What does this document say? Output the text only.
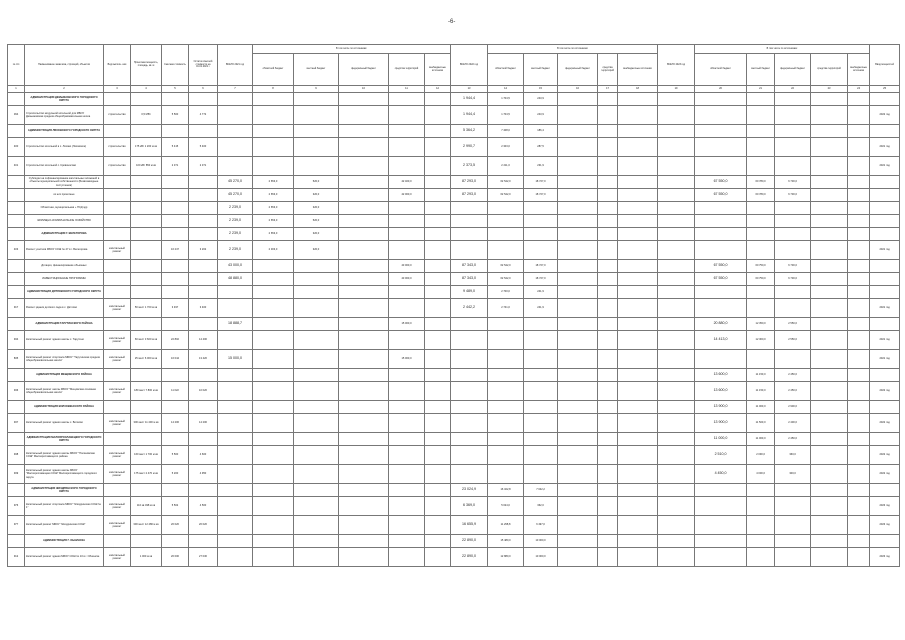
-6-
№ п/п	Наименование заказчика, строящий, объектов	Вид выполн- ния	Проектная мощность, площадь, кв. м	Сметная стоимость	Остаток сметной стоимости на 01.01.2021 г.	ВСЕГО 2021 год	В том числе по источникам:					ВСЕГО 2022 год	В том числе по источникам:					ВСЕГО 2023 год	В том числе по источникам:					Ввод мощностей
							областной бюджет	местный бюджет	федеральный бюджет	средства территорий	внебюджетные источники		областной бюджет	местный бюджет	федеральный бюджет	средства территорий	внебюджетные источники		областной бюджет	местный бюджет	федеральный бюджет	средства территорий	внебюджетные источники	
1	2	3	4	5	6	7	8	9	10	11	12	13	14	15	16	17	18	19	20	21	22	23	24	25
	АДМИНИСТРАЦИЯ ДЕМЬЯНОВСКОГО ГОРОДСКОГО ОКРУГА											1 944,4	1 704,5	243,9										
394	Строительство модульной котельной для МБОУ Демьяновская средняя общеобразовательная школа	строительство	0,5 МВт	5 500	4 772							1 944,4	1 704,5	243,9										2022 год
	АДМИНИСТРАЦИЯ ЛЯХОВСКОГО ГОРОДСКОГО ОКРУГА											5 364,2	7 408,0	186,4										
400	Строительство котельной в с. Ляхово (Ляховское)	строительство	175 кВт 1 200 м кв	5 415	5 400							2 990,7	2 303,0	287,5										2021 год
401	Строительство котельной с. Кривоносово	строительство	100 кВт 850 м кв	2 371	2 371							2 373,5	2 211,0	231,9										2021 год
	Субсидии на софинансирование капитальных вложений в объекты муниципальной собственности (Безвозмездные поступления)					45 270,0	2 653,0	520,0		42 400,0		87 293,0	62 542,0	18 727,0					67 550,0	60 780,0	6 730,0			
	из них проектные					45 270,0	2 653,0	320,0		42 000,0		87 293,0	62 542,0	18 727,0					67 550,0	60 780,0	6 730,0			
	Областная, муниципальная + ПСД здр					2 239,0	2 653,0	320,0																
	ЖИЛИЩНО-КОММУНАЛЬНОЕ ХОЗЯЙСТВО					2 239,0	2 653,0	520,0																
	АДМИНИСТРАЦИЯ Г. ВЕЛЕГОРОВА					2 239,0	2 653,0	320,0																
403	Ремонт участков МБОУ СОШ № 47 в г. Велегорова	капитальный ремонт		16 247	3 202	2 239,0	2 303,0	320,0																2021 год
	Дотация, финансирование объемных					43 000,0				43 000,0		87 343,0	62 542,0	18 727,0					67 550,0	60 750,0	6 730,0			
	ИНВЕСТИЦИОННЫЕ ПРОГРАММЫ					48 880,0				43 000,0		87 343,0	62 542,0	18 727,0					67 550,0	60 750,0	6 730,0			
	АДМИНИСТРАЦИЯ ДЯТЛОВСКОГО ГОРОДСКОГО ОКРУГА											9 489,0	2 700,0	241,9										
917	Ремонт здания детского сада в с. Дятлово	капитальный ремонт	50 мест 1 700 м кв	3 497	3 400							2 442,2	2 741,0	241,9										2021 год
	АДМИНИСТРАЦИЯ ТАРУТИНСКОГО РАЙОНА					18 888,7				15 000,0									20 880,0	12 350,0	2 550,0			
934	Капитальный ремонт здания школы с. Тарутино	капитальный ремонт	60 мест 3 600 м кв	22 802	14 400														14 413,0	12 300,0	2 550,0			2021 год
835	Капитальный ремонт спортзала МБОУ "Тарутинская средняя общеобразовательная школа"	капитальный ремонт	25 мест 6 000 м кв	16 044	13 420	15 000,0				15 000,0														2021 год
	АДМИНИСТРАЦИЯ МЕЩОВСКОГО РАЙОНА																		13 600,0	11 150,0	2 450,0			
936	Капитальный ремонт школы МБОУ "Мещовская основная общеобразовательная школа"	капитальный ремонт	180 мест 7 800 м кв	11 022	10 020														13 600,0	11 150,0	2 450,0			2022 год
	АДМИНИСТРАЦИЯ ВОЛХОВЕНСКОГО РАЙОНА																		13 900,0	11 000,0	2 900,0			
937	Капитальный ремонт здания школы с. Волхово	капитальный ремонт	300 мест 11 400 м кв	14 206	14 200														13 900,0	11 500,0	2 400,0			2022 год
	АДМИНИСТРАЦИЯ МАЛОЯРОСЛАВЕЦКОГО ГОРОДСКОГО ОКРУГА																		11 000,0	11 000,0	2 450,0			
938	Капитальный ремонт здания школы МБОУ "Поляновская СОШ" Малоярославецкого района	капитальный ремонт	160 мест 1 700 м кв	5 500	4 600														2 510,0	2 090,0	360,0			2022 год
939	Капитальный ремонт здания школы МБОУ "Малоярославецкая СОШ" Малоярославецкого городского округа	капитальный ремонт	175 мест 2 470 м кв	5 200	4 950														4 450,0	4 000,0	300,0			2022 год
	АДМИНИСТРАЦИЯ ЖИЗДРИНСКОГО ГОРОДСКОГО ОКРУГА											23 024,9	16 322,8	7 042,2										
976	Капитальный ремонт спортзала МБОУ "Жиздринская СОШ № 1"	капитальный ремонт	110 кв 498 м кв	5 502	4 500							6 369,0	5 024,0	362,0										2023 год
977	Капитальный ремонт МБОУ "Жиздринская СОШ"	капитальный ремонт	300 мест 12 480 м кв	20 020	20 020							16 655,9	11 298,8	6 497,0										2023 год
	АДМИНИСТРАЦИЯ Г. ОБНИНСКА											22 890,0	15 480,0	10 000,0										
912	Капитальный ремонт здания МБОУ СОШ № 10 в г. Обнинске	капитальный ремонт	1 000 м кв	20 000	27 030							22 890,0	12 880,0	10 000,0										2023 год
